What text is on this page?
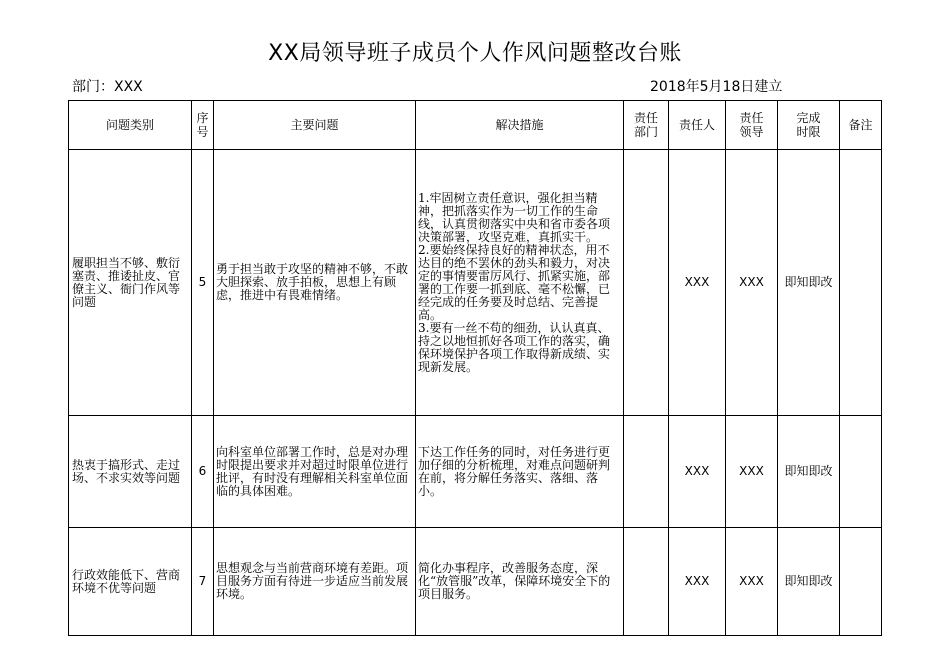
XX局领导班子成员个人作风问题整改台账
部门：XXX	2018年5月18日建立
问题类别	序号	主要问题	解决措施	责任部门	责任人	责任领导	完成时限	备注
履职担当不够、敷衍塞责、推诿扯皮、官僚主义、衙门作风等问题	5	勇于担当敢于攻坚的精神不够，不敢大胆探索、放手拍板，思想上有顾虑，推进中有畏难情绪。	1.牢固树立责任意识，强化担当精神，把抓落实作为一切工作的生命线，认真贯彻落实中央和省市委各项决策部署，攻坚克难，真抓实干。
2.要始终保持良好的精神状态，用不达目的绝不罢休的劲头和毅力，对决定的事情要雷厉风行、抓紧实施，部署的工作要一抓到底、毫不松懈，已经完成的任务要及时总结、完善提高。
3.要有一丝不苟的细劲，认认真真、持之以地恒抓好各项工作的落实，确保环境保护各项工作取得新成绩、实现新发展。		XXX	XXX	即知即改	
热衷于搞形式、走过场、不求实效等问题	6	向科室单位部署工作时，总是对办理时限提出要求并对超过时限单位进行批评，有时没有理解相关科室单位面临的具体困难。	下达工作任务的同时，对任务进行更加仔细的分析梳理，对难点问题研判在前，将分解任务落实、落细、落小。		XXX	XXX	即知即改	
行政效能低下、营商环境不优等问题	7	思想观念与当前营商环境有差距。项目服务方面有待进一步适应当前发展环境。	简化办事程序，改善服务态度，深化“放管服”改革，保障环境安全下的项目服务。		XXX	XXX	即知即改	
